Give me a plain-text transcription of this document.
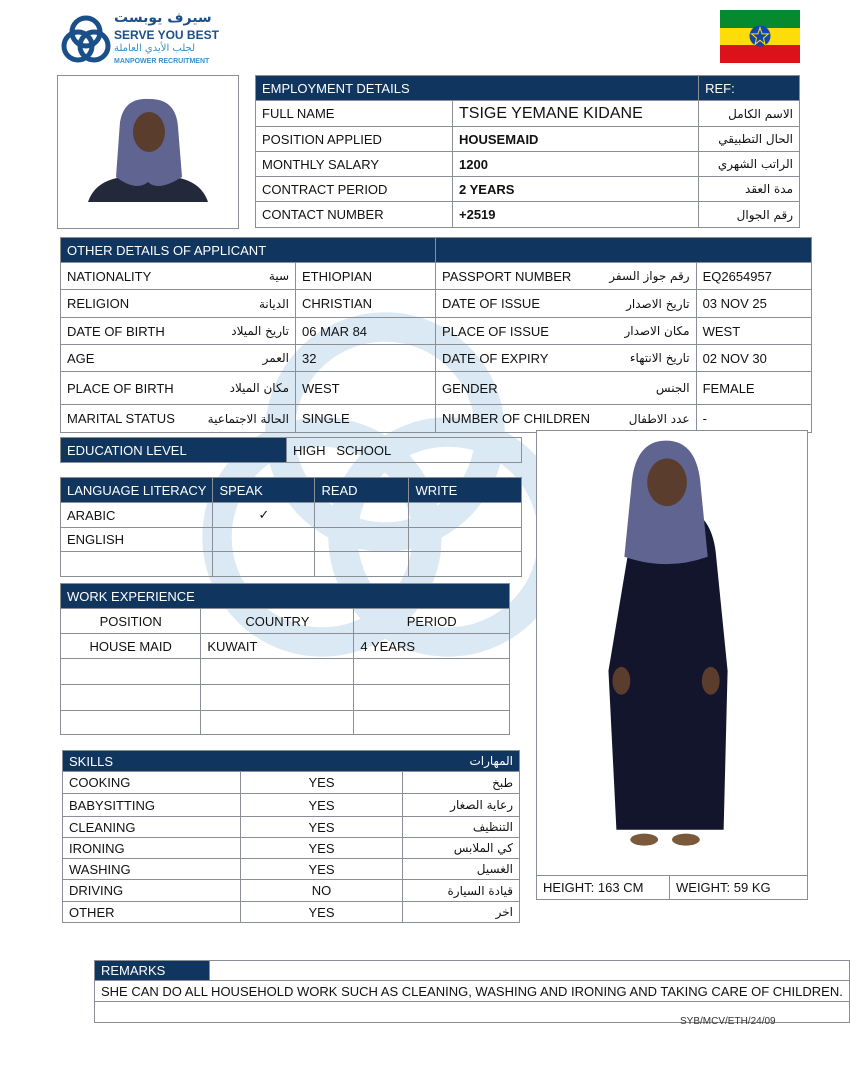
سيرف يوبست
SERVE YOU BEST
لجلب الأيدي العاملة
MANPOWER RECRUITMENT
EMPLOYMENT DETAILS		REF:
FULL NAME	TSIGE YEMANE KIDANE	الاسم الكامل
POSITION APPLIED	HOUSEMAID	الحال التطبيقي
MONTHLY SALARY	1200	الراتب الشهري
CONTRACT PERIOD	2 YEARS	مدة العقد
CONTACT NUMBER	+2519	رقم الجوال
OTHER DETAILS OF APPLICANT					
NATIONALITY	سية	ETHIOPIAN	PASSPORT NUMBER	رقم جواز السفر	EQ2654957
RELIGION	الديانة	CHRISTIAN	DATE OF ISSUE	تاريخ الاصدار	03 NOV 25
DATE OF BIRTH	تاريخ الميلاد	06 MAR 84	PLACE OF ISSUE	مكان الاصدار	WEST
AGE	العمر	32	DATE OF EXPIRY	تاريخ الانتهاء	02 NOV 30
PLACE OF BIRTH	مكان الميلاد	WEST	GENDER	الجنس	FEMALE
MARITAL STATUS	الحالة الاجتماعية	SINGLE	NUMBER OF CHILDREN	عدد الاطفال	-
EDUCATION LEVEL	HIGH   SCHOOL
LANGUAGE LITERACY	SPEAK	READ	WRITE
ARABIC	✓		
ENGLISH			

WORK EXPERIENCE		
POSITION	COUNTRY	PERIOD
HOUSE MAID	KUWAIT	4 YEARS

SKILLS		المهارات
COOKING	YES	طبخ
BABYSITTING	YES	رعاية الصغار
CLEANING	YES	التنظيف
IRONING	YES	كي الملابس
WASHING	YES	الغسيل
DRIVING	NO	قيادة السيارة
OTHER	YES	اخر
HEIGHT: 163 CM	WEIGHT: 59 KG
REMARKS	
SHE CAN DO ALL HOUSEHOLD WORK SUCH AS CLEANING, WASHING AND IRONING AND TAKING CARE OF CHILDREN.

SYB/MCV/ETH/24/09
